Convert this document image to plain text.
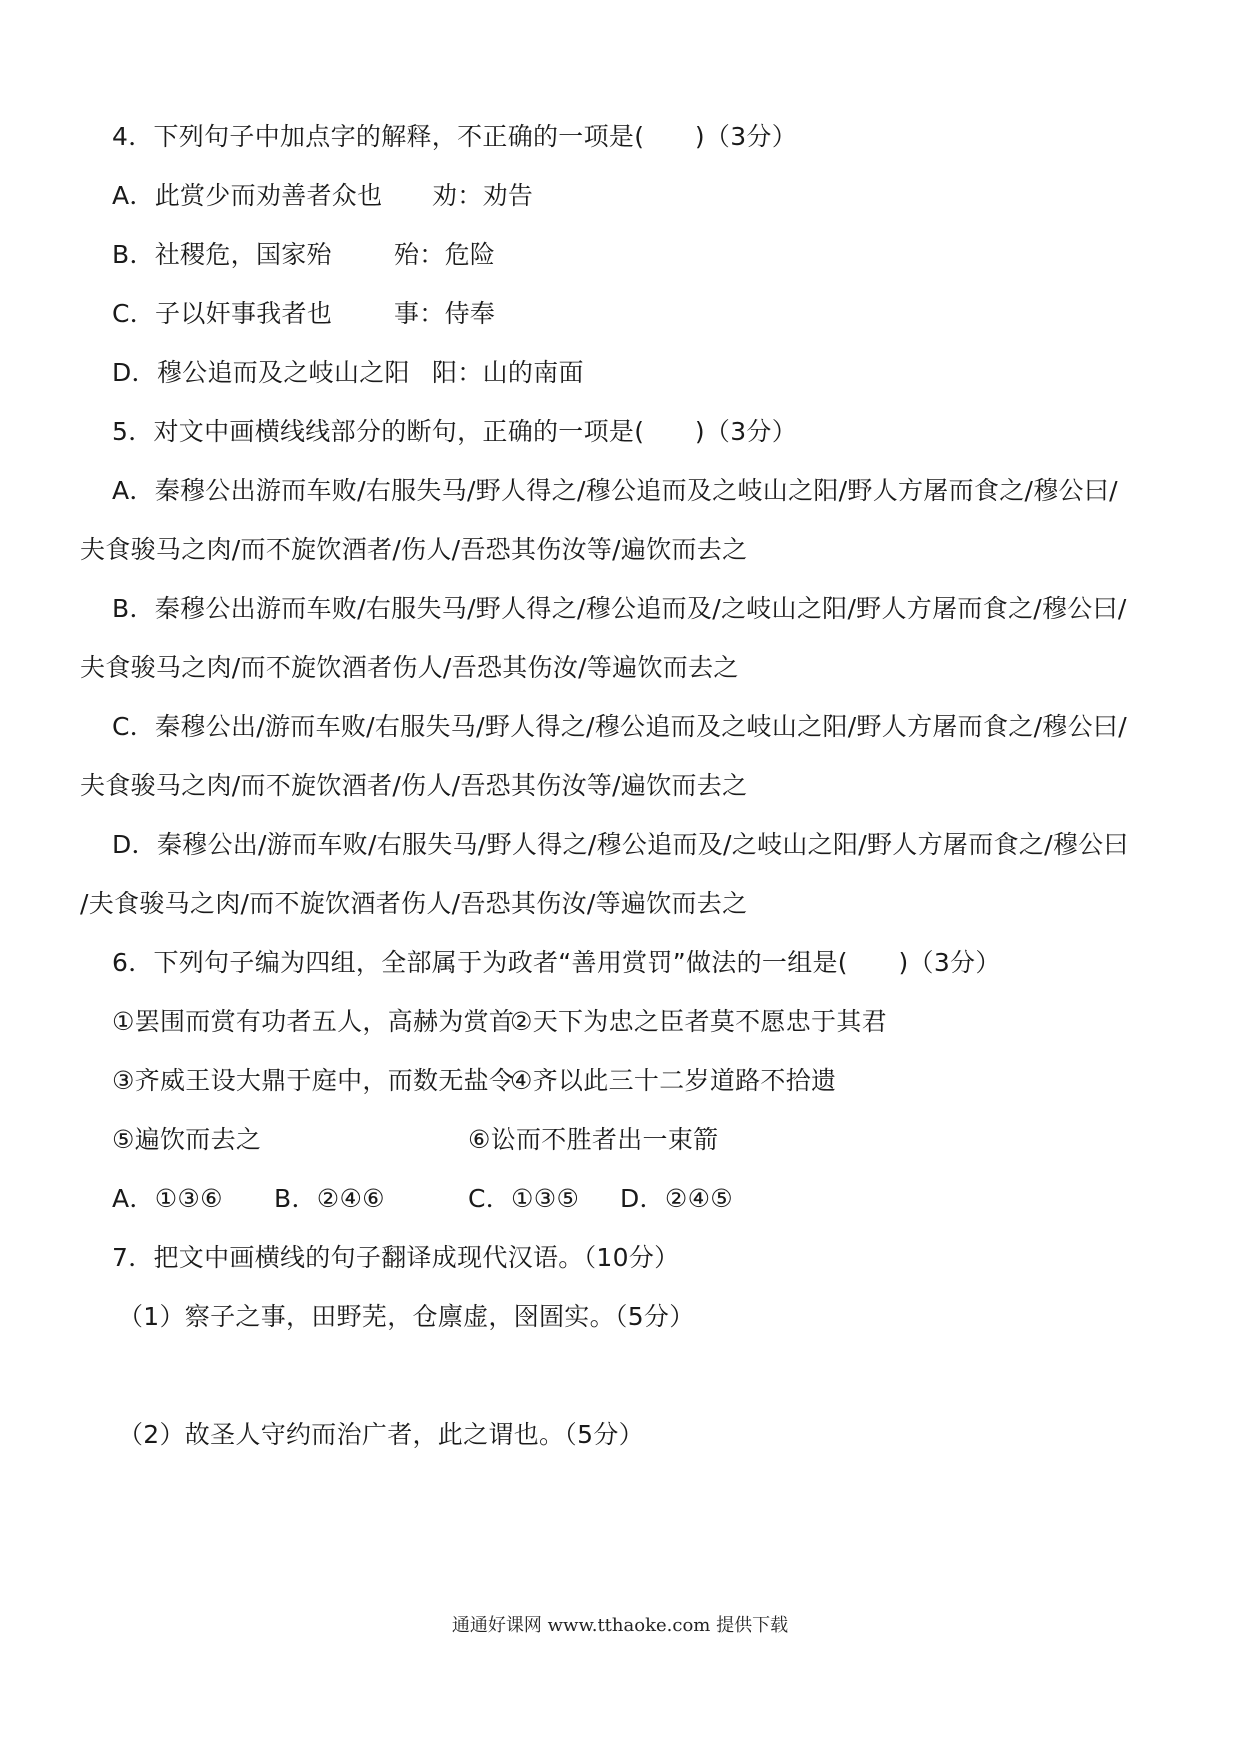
4．下列句子中加点字的解释，不正确的一项是(　　)（3分）
A．此赏少而劝善者众也 劝：劝告
B．社稷危，国家殆 殆：危险
C．子以奸事我者也 事：侍奉
D．穆公追而及之岐山之阳 阳：山的南面
5．对文中画横线线部分的断句，正确的一项是(　　)（3分）
A．秦穆公出游而车败/右服失马/野人得之/穆公追而及之岐山之阳/野人方屠而食之/穆公曰/
夫食骏马之肉/而不旋饮酒者/伤人/吾恐其伤汝等/遍饮而去之
B．秦穆公出游而车败/右服失马/野人得之/穆公追而及/之岐山之阳/野人方屠而食之/穆公曰/
夫食骏马之肉/而不旋饮酒者伤人/吾恐其伤汝/等遍饮而去之
C．秦穆公出/游而车败/右服失马/野人得之/穆公追而及之岐山之阳/野人方屠而食之/穆公曰/
夫食骏马之肉/而不旋饮酒者/伤人/吾恐其伤汝等/遍饮而去之
D．秦穆公出/游而车败/右服失马/野人得之/穆公追而及/之岐山之阳/野人方屠而食之/穆公曰
/夫食骏马之肉/而不旋饮酒者伤人/吾恐其伤汝/等遍饮而去之
6．下列句子编为四组，全部属于为政者“善用赏罚”做法的一组是(　　)（3分）
①罢围而赏有功者五人，高赫为赏首
②天下为忠之臣者莫不愿忠于其君
③齐威王设大鼎于庭中，而数无盐令
④齐以此三十二岁道路不拾遗
⑤遍饮而去之	⑥讼而不胜者出一束箭
A．①③⑥ B．②④⑥	C．①③⑤ D．②④⑤
7．把文中画横线的句子翻译成现代汉语。（10分）
（1）察子之事，田野芜，仓廪虚，囹圄实。（5分）
（2）故圣人守约而治广者，此之谓也。（5分）
通通好课网 www.tthaoke.com 提供下载
